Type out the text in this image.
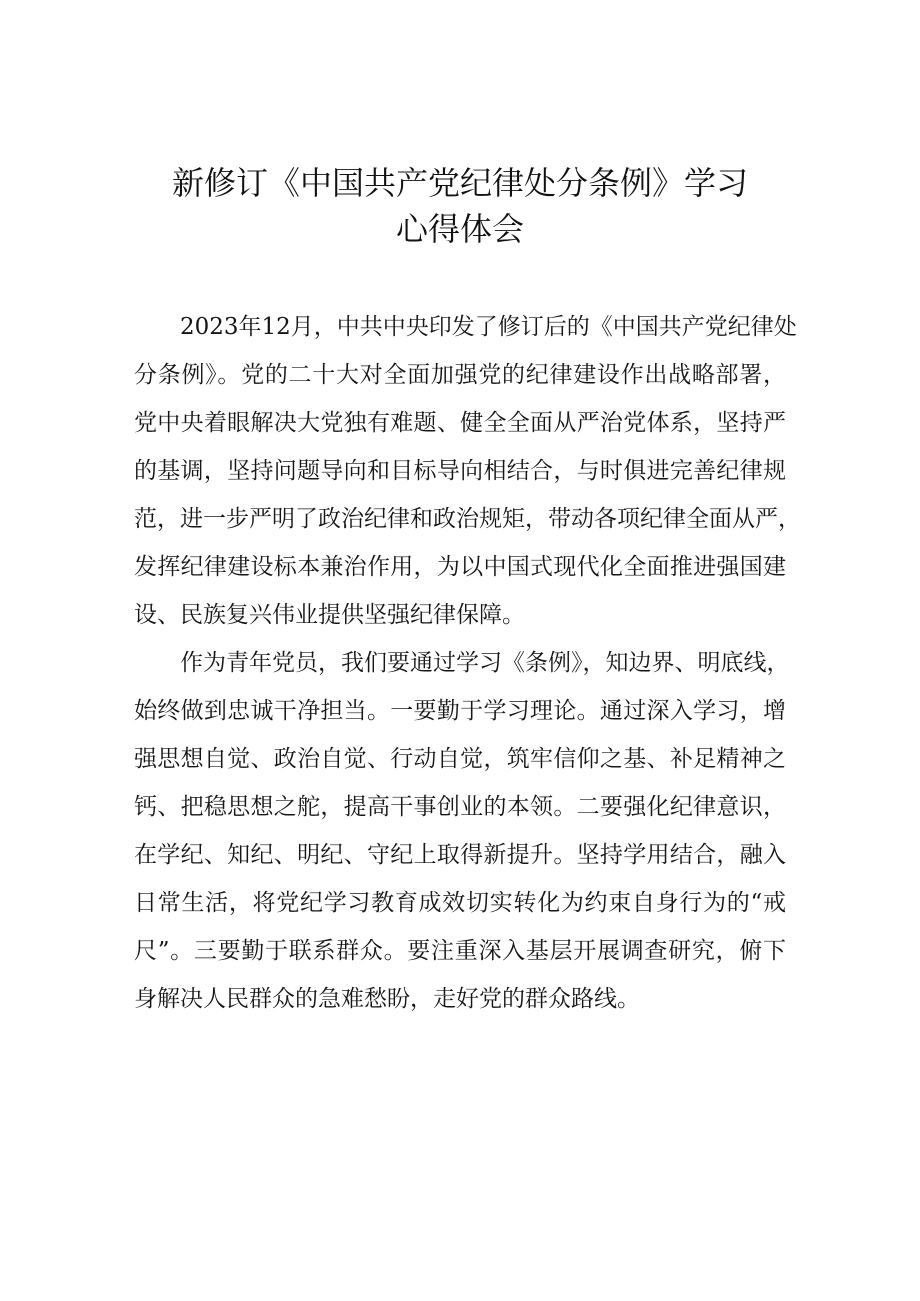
新修订《中国共产党纪律处分条例》学习
心得体会
2023年12月，中共中央印发了修订后的《中国共产党纪律处
分条例》。党的二十大对全面加强党的纪律建设作出战略部署，
党中央着眼解决大党独有难题、健全全面从严治党体系，坚持严
的基调，坚持问题导向和目标导向相结合，与时俱进完善纪律规
范，进一步严明了政治纪律和政治规矩，带动各项纪律全面从严，
发挥纪律建设标本兼治作用，为以中国式现代化全面推进强国建
设、民族复兴伟业提供坚强纪律保障。
作为青年党员，我们要通过学习《条例》，知边界、明底线，
始终做到忠诚干净担当。一要勤于学习理论。通过深入学习，增
强思想自觉、政治自觉、行动自觉，筑牢信仰之基、补足精神之
钙、把稳思想之舵，提高干事创业的本领。二要强化纪律意识，
在学纪、知纪、明纪、守纪上取得新提升。坚持学用结合，融入
日常生活，将党纪学习教育成效切实转化为约束自身行为的“戒
尺”。三要勤于联系群众。要注重深入基层开展调查研究，俯下
身解决人民群众的急难愁盼，走好党的群众路线。
